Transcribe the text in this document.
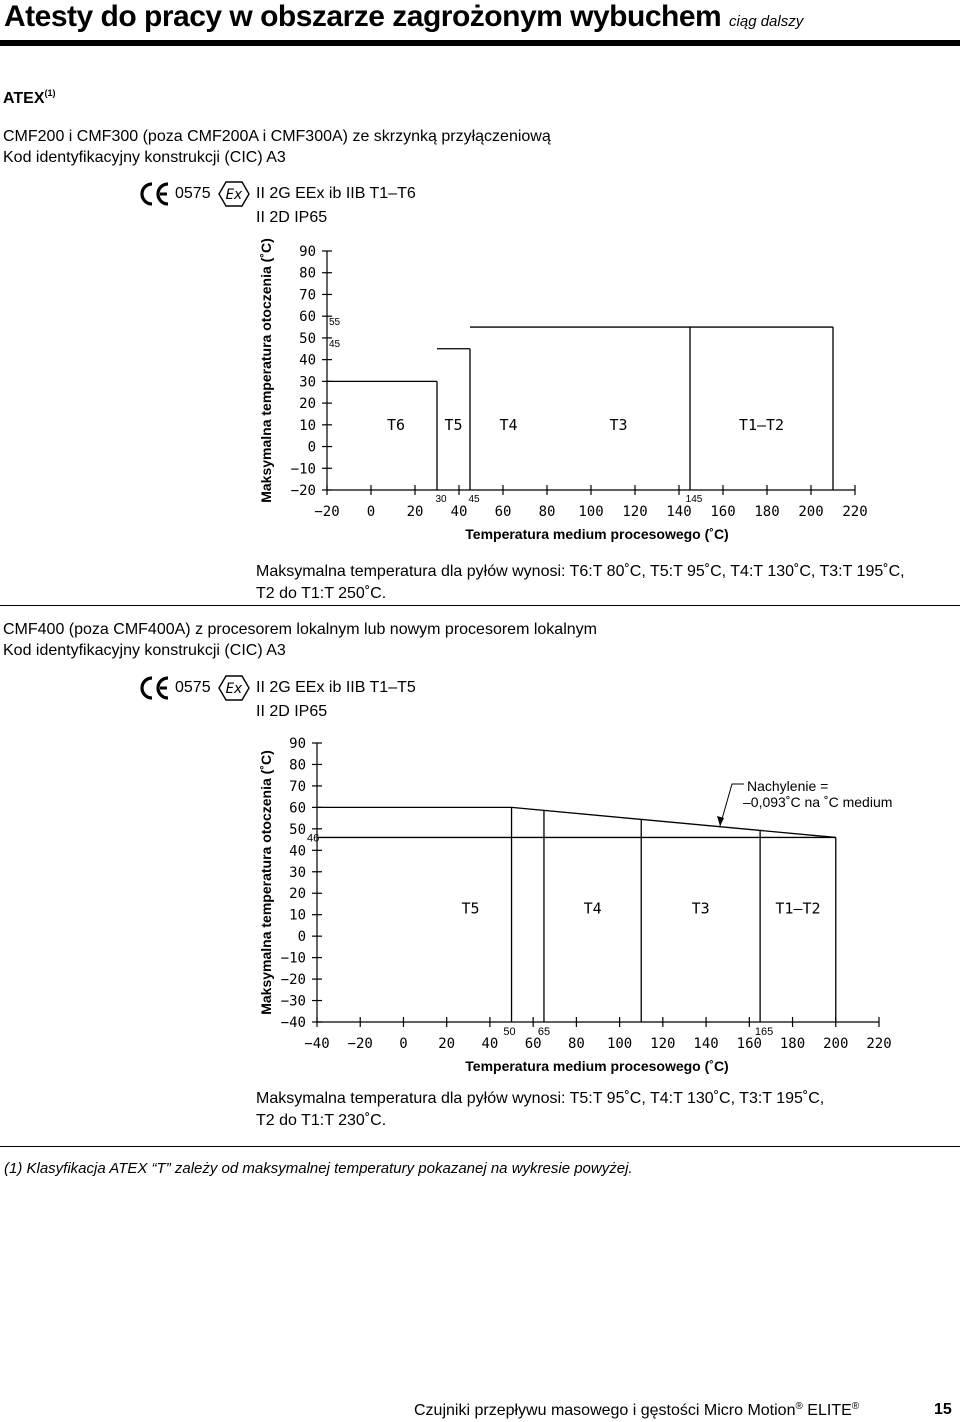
Atesty do pracy w obszarze zagrożonym wybuchem ciąg dalszy
ATEX$^{(1)}$
CMF200 i CMF300 (poza CMF200A i CMF300A) ze skrzynką przyłączeniową
Kod identyfikacyjny konstrukcji (CIC) A3
0575 Ex II 2G EEx ib IIB T1–T6
II 2D IP65
90
80
70
60
50
40
30
20
10
0
−10
−20
−20 0 20 40 60 80 100 120 140 160 180 200 220
Maksymalna temperatura otoczenia (˚C)
Temperatura medium procesowego (˚C)
30 45	145
55
45
T6	T5 T4	T3	T1–T2
Maksymalna temperatura dla pyłów wynosi: T6:T 80˚C, T5:T 95˚C, T4:T 130˚C, T3:T 195˚C,
T2 do T1:T 250˚C.
CMF400 (poza CMF400A) z procesorem lokalnym lub nowym procesorem lokalnym
Kod identyfikacyjny konstrukcji (CIC) A3
0575 Ex II 2G EEx ib IIB T1–T5
II 2D IP65
90
80
70
60
50
40
30
20
10
0
−10
−20
−30
−40
−40 −20 0 20 40 60 80 100 120 140 160 180 200 220
Maksymalna temperatura otoczenia (˚C)
Temperatura medium procesowego (˚C)
50 65	165
46
T5	T4	T3	T1–T2
Nachylenie =
–0,093˚C na ˚C medium
Maksymalna temperatura dla pyłów wynosi: T5:T 95˚C, T4:T 130˚C, T3:T 195˚C,
T2 do T1:T 230˚C.
(1) Klasyfikacja ATEX “T” zależy od maksymalnej temperatury pokazanej na wykresie powyżej.
Czujniki przepływu masowego i gęstości Micro Motion® ELITE®	15
